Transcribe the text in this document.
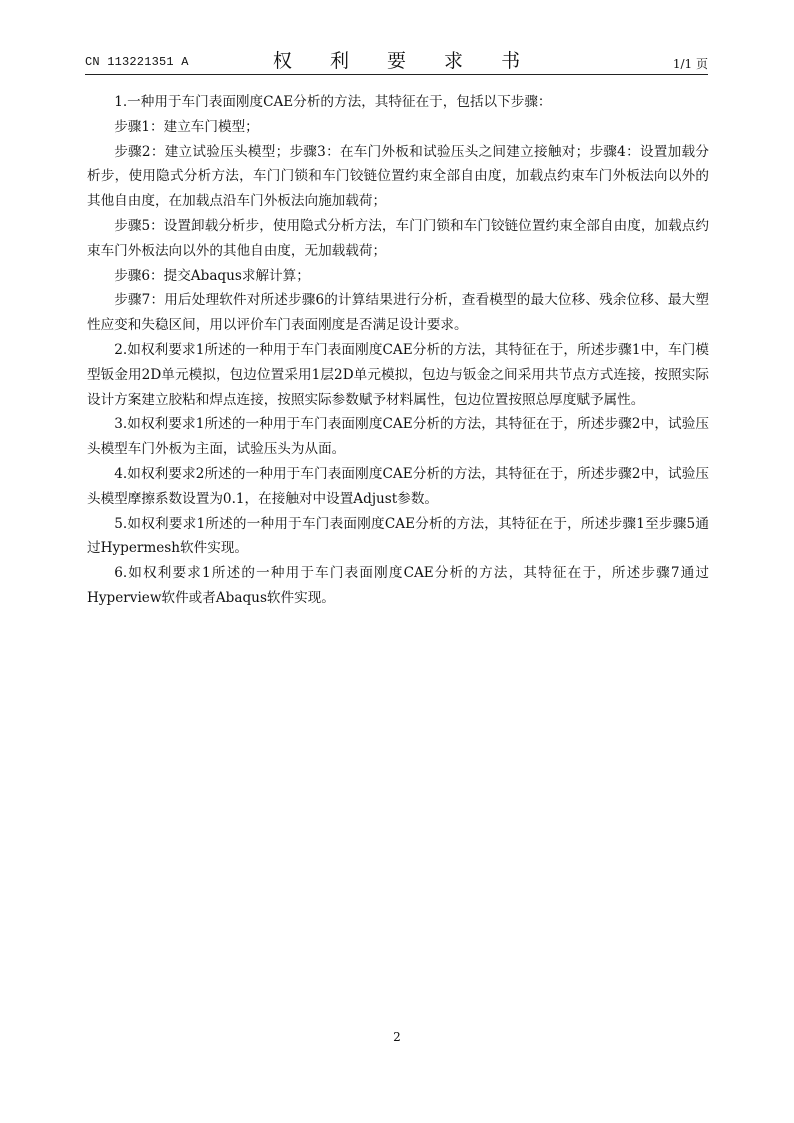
CN 113221351 A	权 利 要 求 书	1/1 页

1.一种用于车门表面刚度CAE分析的方法，其特征在于，包括以下步骤：

步骤1：建立车门模型；

步骤2：建立试验压头模型；步骤3：在车门外板和试验压头之间建立接触对；步骤4：设置加载分析步，使用隐式分析方法，车门门锁和车门铰链位置约束全部自由度，加载点约束车门外板法向以外的其他自由度，在加载点沿车门外板法向施加载荷；

步骤5：设置卸载分析步，使用隐式分析方法，车门门锁和车门铰链位置约束全部自由度，加载点约束车门外板法向以外的其他自由度，无加载载荷；

步骤6：提交Abaqus求解计算；

步骤7：用后处理软件对所述步骤6的计算结果进行分析，查看模型的最大位移、残余位移、最大塑性应变和失稳区间，用以评价车门表面刚度是否满足设计要求。

2.如权利要求1所述的一种用于车门表面刚度CAE分析的方法，其特征在于，所述步骤1中，车门模型钣金用2D单元模拟，包边位置采用1层2D单元模拟，包边与钣金之间采用共节点方式连接，按照实际设计方案建立胶粘和焊点连接，按照实际参数赋予材料属性，包边位置按照总厚度赋予属性。

3.如权利要求1所述的一种用于车门表面刚度CAE分析的方法，其特征在于，所述步骤2中，试验压头模型车门外板为主面，试验压头为从面。

4.如权利要求2所述的一种用于车门表面刚度CAE分析的方法，其特征在于，所述步骤2中，试验压头模型摩擦系数设置为0.1，在接触对中设置Adjust参数。

5.如权利要求1所述的一种用于车门表面刚度CAE分析的方法，其特征在于，所述步骤1至步骤5通过Hypermesh软件实现。

6.如权利要求1所述的一种用于车门表面刚度CAE分析的方法，其特征在于，所述步骤7通过Hyperview软件或者Abaqus软件实现。

2
